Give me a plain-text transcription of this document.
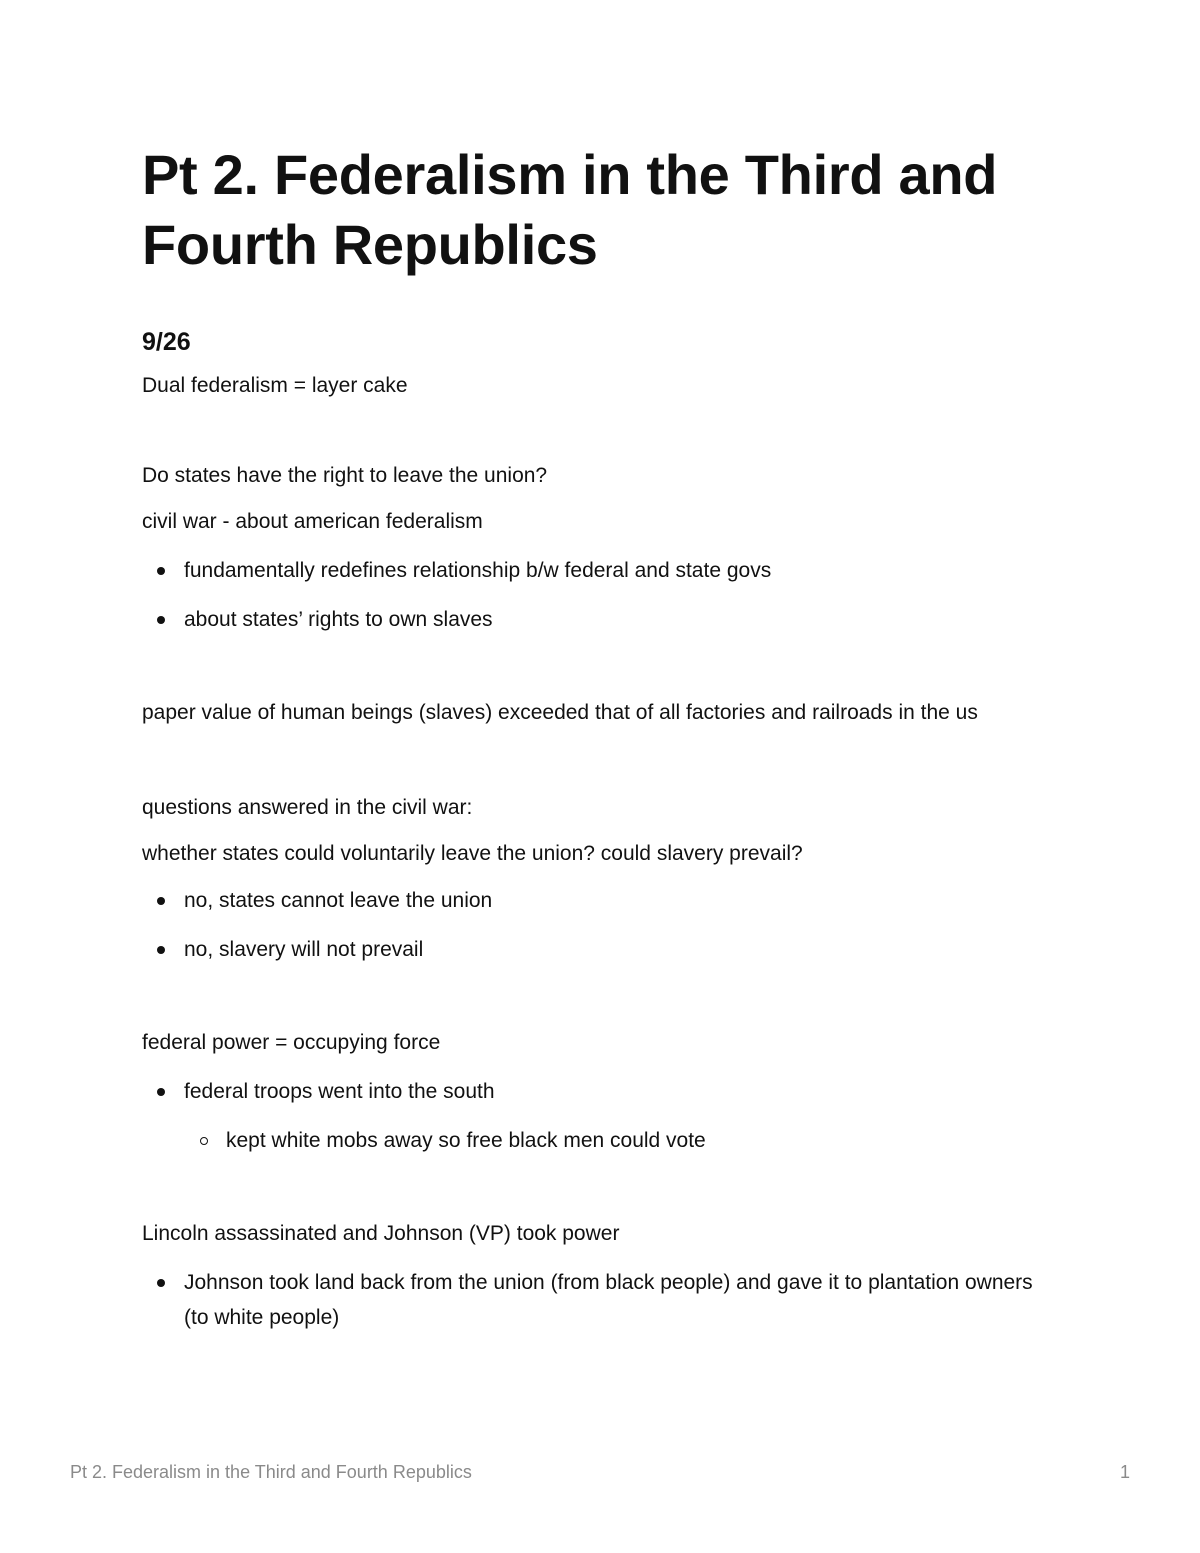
Pt 2. Federalism in the Third and Fourth Republics
9/26

Dual federalism = layer cake

Do states have the right to leave the union?

civil war - about american federalism

fundamentally redefines relationship b/w federal and state govs
about states’ rights to own slaves

paper value of human beings (slaves) exceeded that of all factories and railroads in the us

questions answered in the civil war:

whether states could voluntarily leave the union? could slavery prevail?

no, states cannot leave the union
no, slavery will not prevail

federal power = occupying force

federal troops went into the south
kept white mobs away so free black men could vote

Lincoln assassinated and Johnson (VP) took power

Johnson took land back from the union (from black people) and gave it to plantation owners (to white people)
Pt 2. Federalism in the Third and Fourth Republics	1
